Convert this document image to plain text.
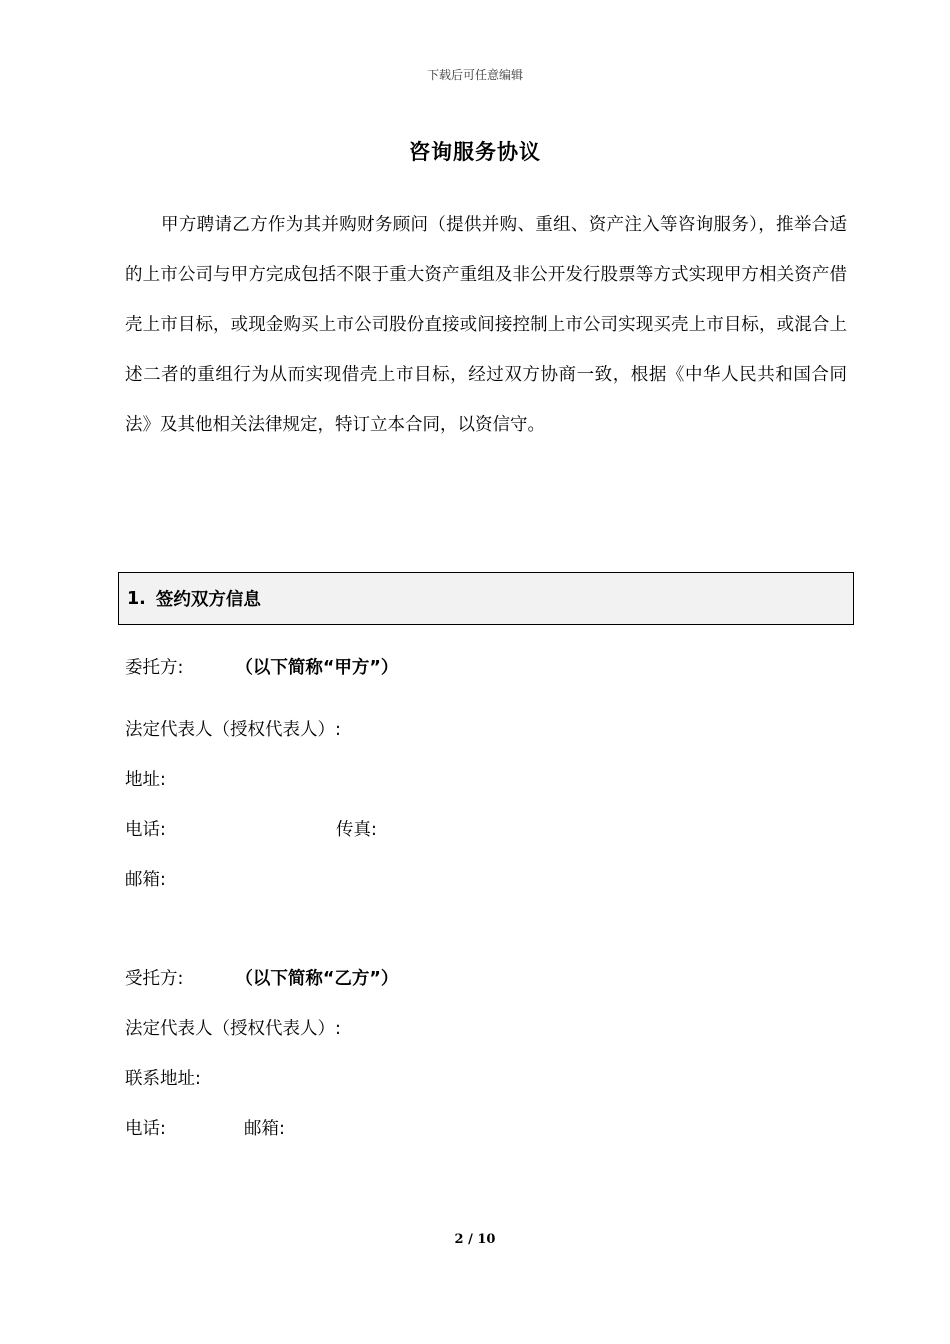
下载后可任意编辑
咨询服务协议

甲方聘请乙方作为其并购财务顾问（提供并购、重组、资产注入等咨询服务），推举合适的上市公司与甲方完成包括不限于重大资产重组及非公开发行股票等方式实现甲方相关资产借壳上市目标，或现金购买上市公司股份直接或间接控制上市公司实现买壳上市目标，或混合上述二者的重组行为从而实现借壳上市目标，经过双方协商一致，根据《中华人民共和国合同法》及其他相关法律规定，特订立本合同，以资信守。

1. 签约双方信息
委托方:	（以下简称“甲方”）
法定代表人（授权代表人）:
地址:
电话:	传真:
邮箱:
受托方:	（以下简称“乙方”）
法定代表人（授权代表人）:
联系地址:
电话:	邮箱:
2 / 10
